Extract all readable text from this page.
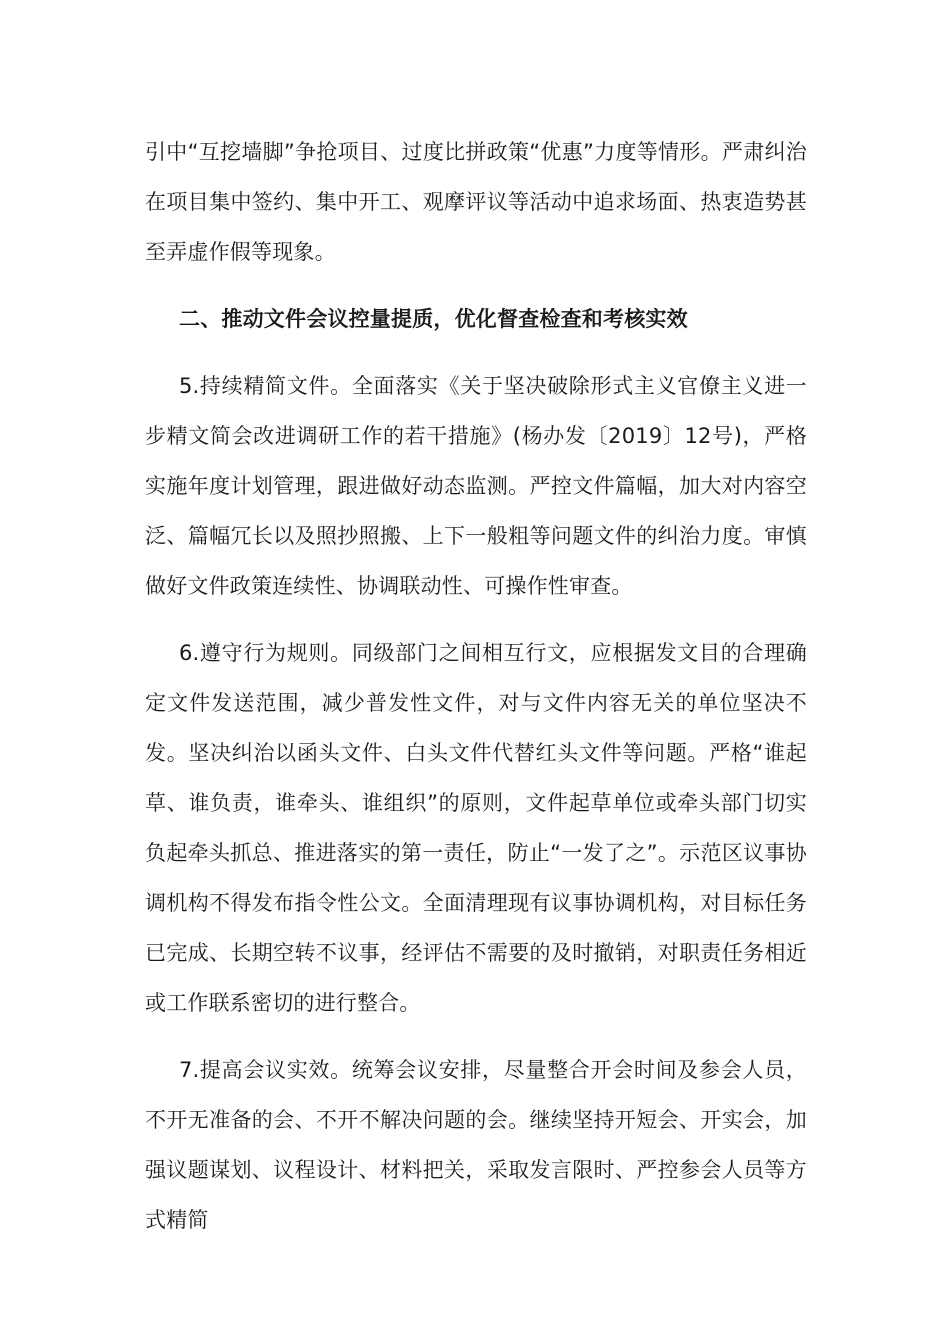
引中“互挖墙脚”争抢项目、过度比拼政策“优惠”力度等情形。严肃纠治在项目集中签约、集中开工、观摩评议等活动中追求场面、热衷造势甚至弄虚作假等现象。

二、推动文件会议控量提质，优化督查检查和考核实效

5.持续精简文件。全面落实《关于坚决破除形式主义官僚主义进一步精文简会改进调研工作的若干措施》(杨办发〔2019〕12号)，严格实施年度计划管理，跟进做好动态监测。严控文件篇幅，加大对内容空泛、篇幅冗长以及照抄照搬、上下一般粗等问题文件的纠治力度。审慎做好文件政策连续性、协调联动性、可操作性审查。

6.遵守行为规则。同级部门之间相互行文，应根据发文目的合理确定文件发送范围，减少普发性文件，对与文件内容无关的单位坚决不发。坚决纠治以函头文件、白头文件代替红头文件等问题。严格“谁起草、谁负责，谁牵头、谁组织”的原则，文件起草单位或牵头部门切实负起牵头抓总、推进落实的第一责任，防止“一发了之”。示范区议事协调机构不得发布指令性公文。全面清理现有议事协调机构，对目标任务已完成、长期空转不议事，经评估不需要的及时撤销，对职责任务相近或工作联系密切的进行整合。

7.提高会议实效。统筹会议安排，尽量整合开会时间及参会人员，不开无准备的会、不开不解决问题的会。继续坚持开短会、开实会，加强议题谋划、议程设计、材料把关，采取发言限时、严控参会人员等方式精简
